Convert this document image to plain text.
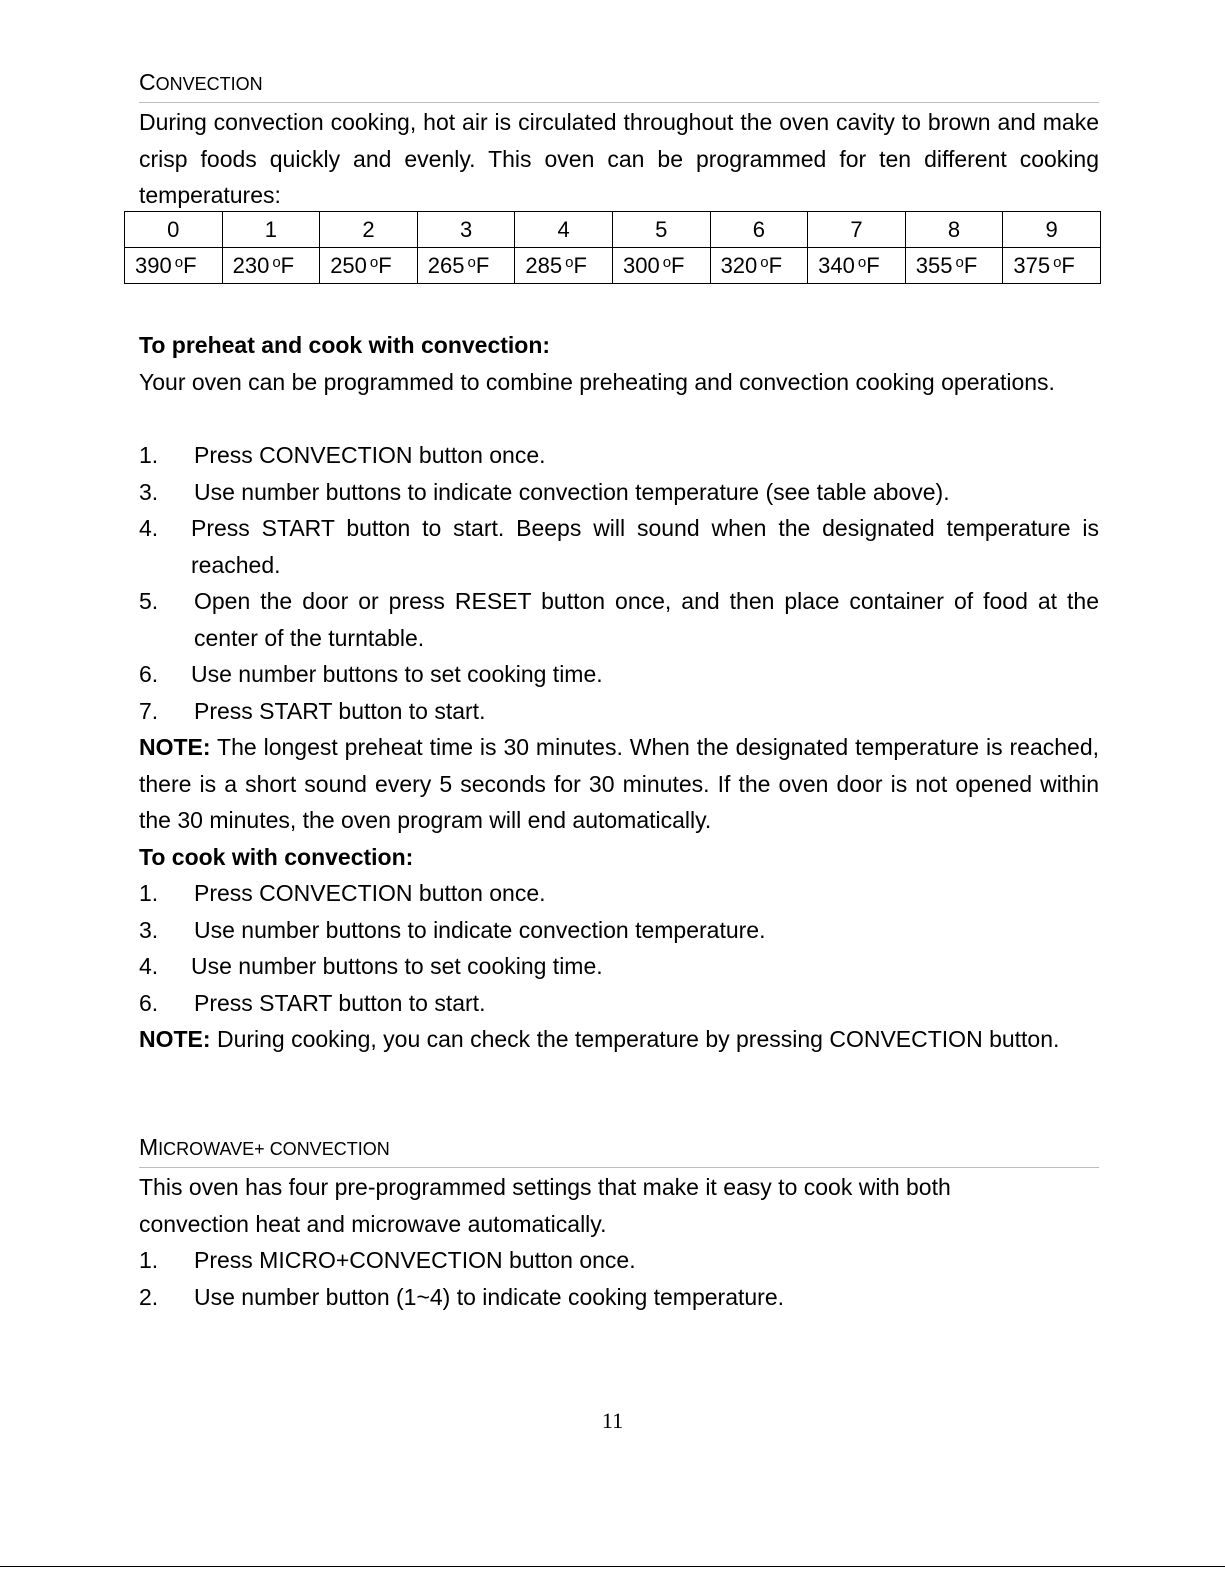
CONVECTION
During convection cooking, hot air is circulated throughout the oven cavity to brown and make crisp foods quickly and evenly. This oven can be programmed for ten different cooking temperatures:
0	1	2	3	4	5	6	7	8	9
390 $^o$F	230 $^o$F	250 $^o$F	265 $^o$F	285 $^o$F	300 $^o$F	320 $^o$F	340 $^o$F	355 $^o$F	375 $^o$F
To preheat and cook with convection:
Your oven can be programmed to combine preheating and convection cooking operations.
1. Press CONVECTION button once.
3. Use number buttons to indicate convection temperature (see table above).
4. Press START button to start. Beeps will sound when the designated temperature is reached.
5. Open the door or press RESET button once, and then place container of food at the center of the turntable.
6. Use number buttons to set cooking time.
7. Press START button to start.
NOTE: The longest preheat time is 30 minutes. When the designated temperature is reached, there is a short sound every 5 seconds for 30 minutes. If the oven door is not opened within the 30 minutes, the oven program will end automatically.
To cook with convection:
1. Press CONVECTION button once.
3. Use number buttons to indicate convection temperature.
4. Use number buttons to set cooking time.
6. Press START button to start.
NOTE: During cooking, you can check the temperature by pressing CONVECTION button.
MICROWAVE+ CONVECTION
This oven has four pre-programmed settings that make it easy to cook with both convection heat and microwave automatically.
1. Press MICRO+CONVECTION button once.
2. Use number button (1~4) to indicate cooking temperature.
11
